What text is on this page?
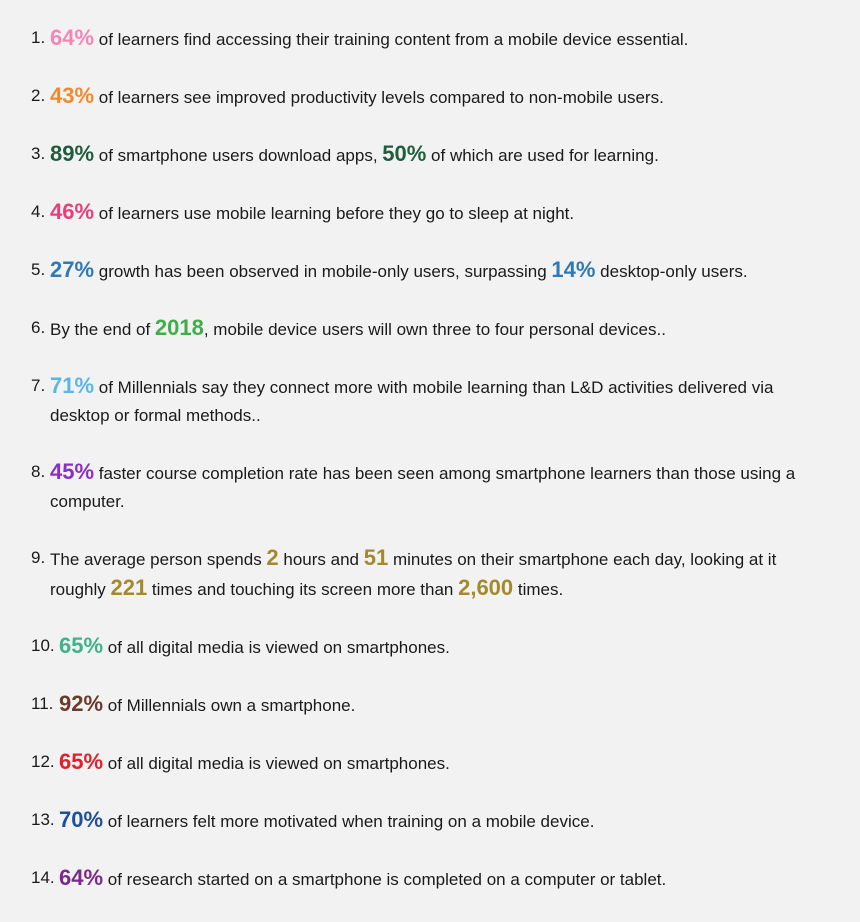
1. 64% of learners find accessing their training content from a mobile device essential.
2. 43% of learners see improved productivity levels compared to non-mobile users.
3. 89% of smartphone users download apps, 50% of which are used for learning.
4. 46% of learners use mobile learning before they go to sleep at night.
5. 27% growth has been observed in mobile-only users, surpassing 14% desktop-only users.
6. By the end of 2018, mobile device users will own three to four personal devices..
7. 71% of Millennials say they connect more with mobile learning than L&D activities delivered via desktop or formal methods..
8. 45% faster course completion rate has been seen among smartphone learners than those using a computer.
9. The average person spends 2 hours and 51 minutes on their smartphone each day, looking at it roughly 221 times and touching its screen more than 2,600 times.
10. 65% of all digital media is viewed on smartphones.
11. 92% of Millennials own a smartphone.
12. 65% of all digital media is viewed on smartphones.
13. 70% of learners felt more motivated when training on a mobile device.
14. 64% of research started on a smartphone is completed on a computer or tablet.
